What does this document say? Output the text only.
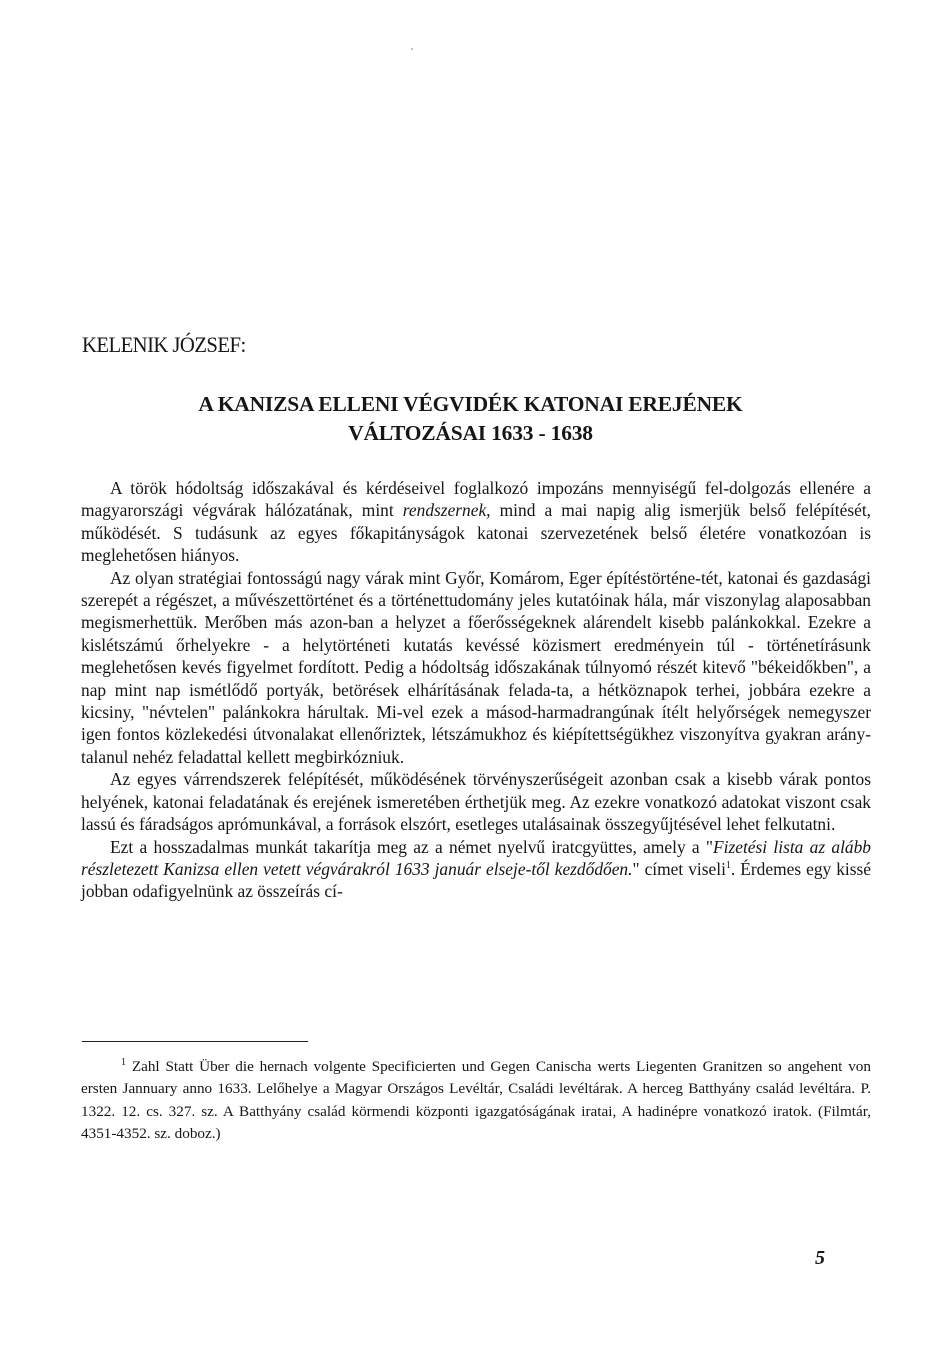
KELENIK JÓZSEF:
A KANIZSA ELLENI VÉGVIDÉK KATONAI EREJÉNEK
VÁLTOZÁSAI 1633 - 1638

A török hódoltság időszakával és kérdéseivel foglalkozó impozáns mennyiségű fel-dolgozás ellenére a magyarországi végvárak hálózatának, mint rendszernek, mind a mai napig alig ismerjük belső felépítését, működését. S tudásunk az egyes főkapitányságok katonai szervezetének belső életére vonatkozóan is meglehetősen hiányos.

Az olyan stratégiai fontosságú nagy várak mint Győr, Komárom, Eger építéstörténe-tét, katonai és gazdasági szerepét a régészet, a művészettörténet és a történettudomány jeles kutatóinak hála, már viszonylag alaposabban megismerhettük. Merőben más azon-ban a helyzet a főerősségeknek alárendelt kisebb palánkokkal. Ezekre a kislétszámú őrhelyekre - a helytörténeti kutatás kevéssé közismert eredményein túl - történetírásunk meglehetősen kevés figyelmet fordított. Pedig a hódoltság időszakának túlnyomó részét kitevő "békeidőkben", a nap mint nap ismétlődő portyák, betörések elhárításának felada-ta, a hétköznapok terhei, jobbára ezekre a kicsiny, "névtelen" palánkokra hárultak. Mi-vel ezek a másod-harmadrangúnak ítélt helyőrségek nemegyszer igen fontos közlekedési útvonalakat ellenőriztek, létszámukhoz és kiépítettségükhez viszonyítva gyakran arány-talanul nehéz feladattal kellett megbirkózniuk.

Az egyes várrendszerek felépítését, működésének törvényszerűségeit azonban csak a kisebb várak pontos helyének, katonai feladatának és erejének ismeretében érthetjük meg. Az ezekre vonatkozó adatokat viszont csak lassú és fáradságos aprómunkával, a források elszórt, esetleges utalásainak összegyűjtésével lehet felkutatni.

Ezt a hosszadalmas munkát takarítja meg az a német nyelvű iratcgyüttes, amely a "Fizetési lista az alább részletezett Kanizsa ellen vetett végvárakról 1633 január elseje-től kezdődően." címet viseli$^1$. Érdemes egy kissé jobban odafigyelnünk az összeírás cí-

$^1$ Zahl Statt Über die hernach volgente Specificierten und Gegen Canischa werts Liegenten Granitzen so angehent von ersten Jannuary anno 1633. Lelőhelye a Magyar Országos Levéltár, Családi levéltárak. A herceg Batthyány család levéltára. P. 1322. 12. cs. 327. sz. A Batthyány család körmendi központi igazgatóságának iratai, A hadinépre vonatkozó iratok. (Filmtár, 4351-4352. sz. doboz.)

5
